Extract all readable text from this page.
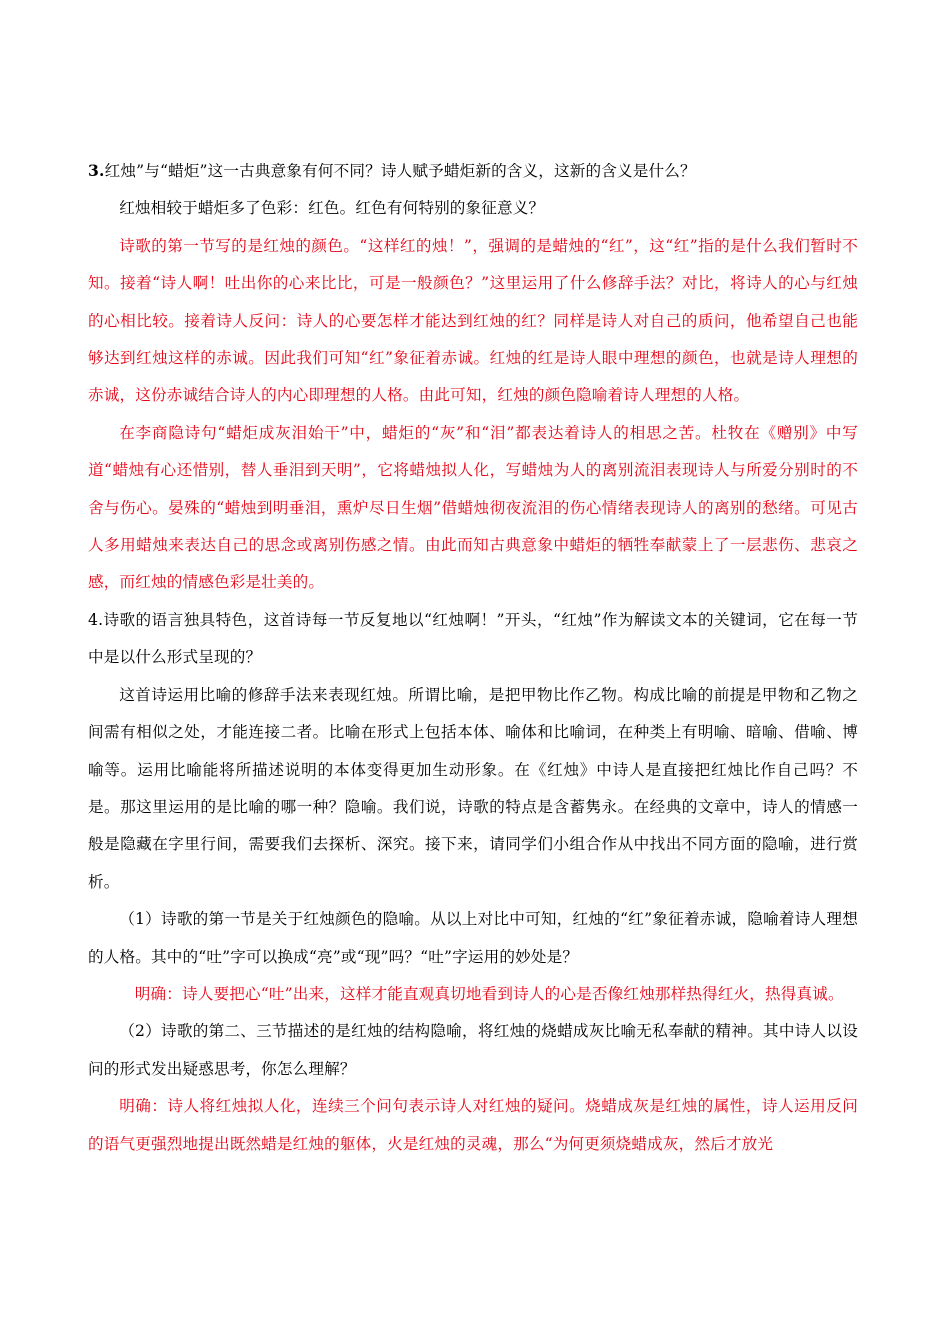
3.红烛”与“蜡炬”这一古典意象有何不同？诗人赋予蜡炬新的含义，这新的含义是什么？

红烛相较于蜡炬多了色彩：红色。红色有何特别的象征意义？

诗歌的第一节写的是红烛的颜色。“这样红的烛！”，强调的是蜡烛的“红”，这“红”指的是什么我们暂时不知。接着“诗人啊！吐出你的心来比比，可是一般颜色？”这里运用了什么修辞手法？对比，将诗人的心与红烛的心相比较。接着诗人反问：诗人的心要怎样才能达到红烛的红？同样是诗人对自己的质问，他希望自己也能够达到红烛这样的赤诚。因此我们可知“红”象征着赤诚。红烛的红是诗人眼中理想的颜色，也就是诗人理想的赤诚，这份赤诚结合诗人的内心即理想的人格。由此可知，红烛的颜色隐喻着诗人理想的人格。

在李商隐诗句“蜡炬成灰泪始干”中，蜡炬的“灰”和“泪”都表达着诗人的相思之苦。杜牧在《赠别》中写道“蜡烛有心还惜别，替人垂泪到天明”，它将蜡烛拟人化，写蜡烛为人的离别流泪表现诗人与所爱分别时的不舍与伤心。晏殊的“蜡烛到明垂泪，熏炉尽日生烟”借蜡烛彻夜流泪的伤心情绪表现诗人的离别的愁绪。可见古人多用蜡烛来表达自己的思念或离别伤感之情。由此而知古典意象中蜡炬的牺牲奉献蒙上了一层悲伤、悲哀之感，而红烛的情感色彩是壮美的。

4.诗歌的语言独具特色，这首诗每一节反复地以“红烛啊！”开头，“红烛”作为解读文本的关键词，它在每一节中是以什么形式呈现的？

这首诗运用比喻的修辞手法来表现红烛。所谓比喻，是把甲物比作乙物。构成比喻的前提是甲物和乙物之间需有相似之处，才能连接二者。比喻在形式上包括本体、喻体和比喻词，在种类上有明喻、暗喻、借喻、博喻等。运用比喻能将所描述说明的本体变得更加生动形象。在《红烛》中诗人是直接把红烛比作自己吗？不是。那这里运用的是比喻的哪一种？隐喻。我们说，诗歌的特点是含蓄隽永。在经典的文章中，诗人的情感一般是隐藏在字里行间，需要我们去探析、深究。接下来，请同学们小组合作从中找出不同方面的隐喻，进行赏析。

（1）诗歌的第一节是关于红烛颜色的隐喻。从以上对比中可知，红烛的“红”象征着赤诚，隐喻着诗人理想的人格。其中的“吐”字可以换成“亮”或“现”吗？“吐”字运用的妙处是？

明确：诗人要把心“吐”出来，这样才能直观真切地看到诗人的心是否像红烛那样热得红火，热得真诚。

（2）诗歌的第二、三节描述的是红烛的结构隐喻，将红烛的烧蜡成灰比喻无私奉献的精神。其中诗人以设问的形式发出疑惑思考，你怎么理解？

明确：诗人将红烛拟人化，连续三个问句表示诗人对红烛的疑问。烧蜡成灰是红烛的属性，诗人运用反问的语气更强烈地提出既然蜡是红烛的躯体，火是红烛的灵魂，那么“为何更须烧蜡成灰，然后才放光
